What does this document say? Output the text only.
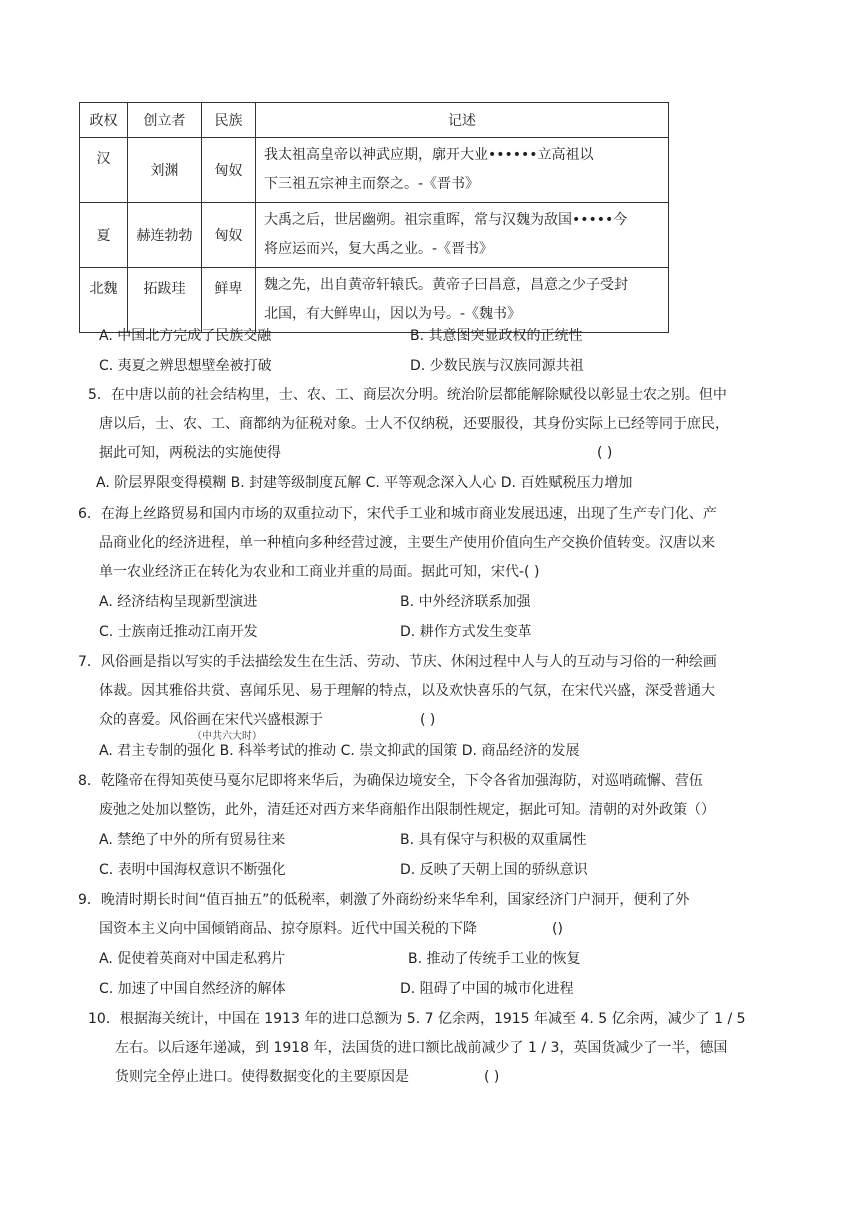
政权	创立者	民族	记述
汉	刘渊	匈奴	我太祖高皇帝以神武应期，廓开大业••••••立高祖以
下三祖五宗神主而祭之。-《晋书》

夏	赫连勃勃	匈奴	大禹之后，世居幽朔。祖宗重晖，常与汉魏为敌国•••••今
将应运而兴，复大禹之业。-《晋书》

北魏	拓跋珪	鲜卑	魏之先，出自黄帝轩辕氏。黄帝子曰昌意，昌意之少子受封
北国，有大鲜卑山，因以为号。-《魏书》
A. 中国北方完成了民族交融	B. 其意图突显政权的正统性
C. 夷夏之辨思想壁垒被打破	D. 少数民族与汉族同源共祖
5．在中唐以前的社会结构里，士、农、工、商层次分明。统治阶层都能解除赋役以彰显士农之别。但中
唐以后，士、农、工、商都纳为征税对象。士人不仅纳税，还要服役，其身份实际上已经等同于庶民，
据此可知，两税法的实施使得	( )
A. 阶层界限变得模糊 B. 封建等级制度瓦解 C. 平等观念深入人心 D. 百姓赋税压力增加
6．在海上丝路贸易和国内市场的双重拉动下，宋代手工业和城市商业发展迅速，出现了生产专门化、产
品商业化的经济进程，单一种植向多种经营过渡，主要生产使用价值向生产交换价值转变。汉唐以来
单一农业经济正在转化为农业和工商业并重的局面。据此可知，宋代-( )
A. 经济结构呈现新型演进	B. 中外经济联系加强
C. 士族南迁推动江南开发	D. 耕作方式发生变革
7．风俗画是指以写实的手法描绘发生在生活、劳动、节庆、休闲过程中人与人的互动与习俗的一种绘画
体裁。因其雅俗共赏、喜闻乐见、易于理解的特点，以及欢快喜乐的气氛，在宋代兴盛，深受普通大
众的喜爱。风俗画在宋代兴盛根源于	( )
（中共六大时）
A. 君主专制的强化 B. 科举考试的推动 C. 崇文抑武的国策 D. 商品经济的发展
8．乾隆帝在得知英使马戛尔尼即将来华后，为确保边境安全，下令各省加强海防，对巡哨疏懈、营伍
废弛之处加以整饬，此外，清廷还对西方来华商船作出限制性规定，据此可知。清朝的对外政策（）
A. 禁绝了中外的所有贸易往来	B. 具有保守与积极的双重属性
C. 表明中国海权意识不断强化	D. 反映了天朝上国的骄纵意识
9．晚清时期长时间“值百抽五”的低税率，刺激了外商纷纷来华牟利，国家经济门户洞开，便利了外
国资本主义向中国倾销商品、掠夺原料。近代中国关税的下降	()
A. 促使着英商对中国走私鸦片	B. 推动了传统手工业的恢复
C. 加速了中国自然经济的解体	D. 阻碍了中国的城市化进程
10．根据海关统计，中国在 1913 年的进口总额为 5. 7 亿余两，1915 年减至 4. 5 亿余两，减少了 1 / 5
左右。以后逐年递减，到 1918 年，法国货的进口额比战前减少了 1 / 3，英国货减少了一半，德国
货则完全停止进口。使得数据变化的主要原因是	( )
